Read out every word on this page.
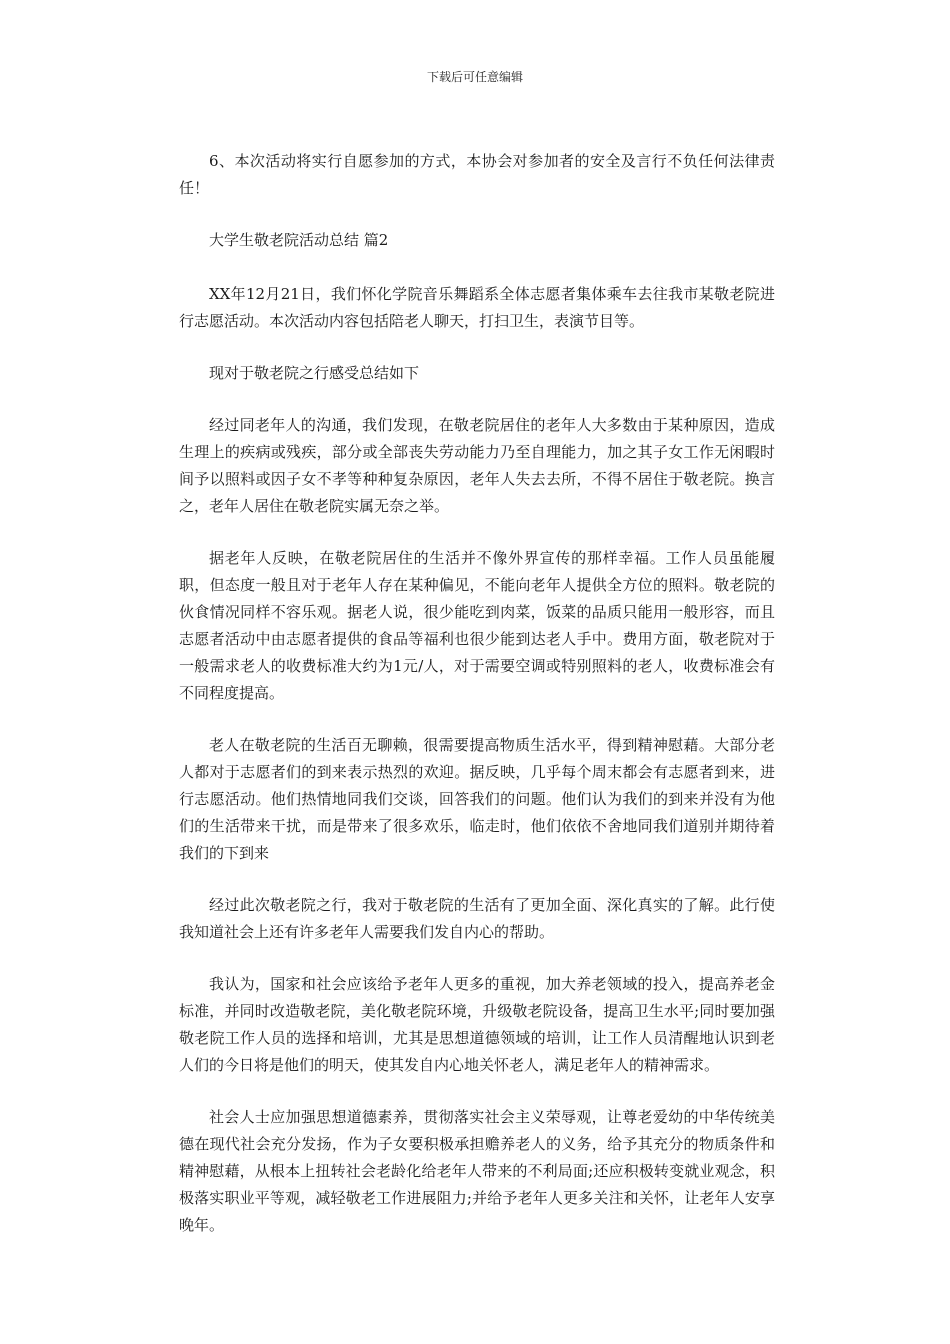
下载后可任意编辑

6、本次活动将实行自愿参加的方式，本协会对参加者的安全及言行不负任何法律责任！

大学生敬老院活动总结 篇2

XX年12月21日，我们怀化学院音乐舞蹈系全体志愿者集体乘车去往我市某敬老院进行志愿活动。本次活动内容包括陪老人聊天，打扫卫生，表演节目等。

现对于敬老院之行感受总结如下

经过同老年人的沟通，我们发现，在敬老院居住的老年人大多数由于某种原因，造成生理上的疾病或残疾，部分或全部丧失劳动能力乃至自理能力，加之其子女工作无闲暇时间予以照料或因子女不孝等种种复杂原因，老年人失去去所，不得不居住于敬老院。换言之，老年人居住在敬老院实属无奈之举。

据老年人反映，在敬老院居住的生活并不像外界宣传的那样幸福。工作人员虽能履职，但态度一般且对于老年人存在某种偏见，不能向老年人提供全方位的照料。敬老院的伙食情况同样不容乐观。据老人说，很少能吃到肉菜，饭菜的品质只能用一般形容，而且志愿者活动中由志愿者提供的食品等福利也很少能到达老人手中。费用方面，敬老院对于一般需求老人的收费标准大约为1元/人，对于需要空调或特别照料的老人，收费标准会有不同程度提高。

老人在敬老院的生活百无聊赖，很需要提高物质生活水平，得到精神慰藉。大部分老人都对于志愿者们的到来表示热烈的欢迎。据反映，几乎每个周末都会有志愿者到来，进行志愿活动。他们热情地同我们交谈，回答我们的问题。他们认为我们的到来并没有为他们的生活带来干扰，而是带来了很多欢乐，临走时，他们依依不舍地同我们道别并期待着我们的下到来

经过此次敬老院之行，我对于敬老院的生活有了更加全面、深化真实的了解。此行使我知道社会上还有许多老年人需要我们发自内心的帮助。

我认为，国家和社会应该给予老年人更多的重视，加大养老领域的投入，提高养老金标准，并同时改造敬老院，美化敬老院环境，升级敬老院设备，提高卫生水平;同时要加强敬老院工作人员的选择和培训，尤其是思想道德领域的培训，让工作人员清醒地认识到老人们的今日将是他们的明天，使其发自内心地关怀老人，满足老年人的精神需求。

社会人士应加强思想道德素养，贯彻落实社会主义荣辱观，让尊老爱幼的中华传统美德在现代社会充分发扬，作为子女要积极承担赡养老人的义务，给予其充分的物质条件和精神慰藉，从根本上扭转社会老龄化给老年人带来的不利局面;还应积极转变就业观念，积极落实职业平等观，减轻敬老工作进展阻力;并给予老年人更多关注和关怀，让老年人安享晚年。
